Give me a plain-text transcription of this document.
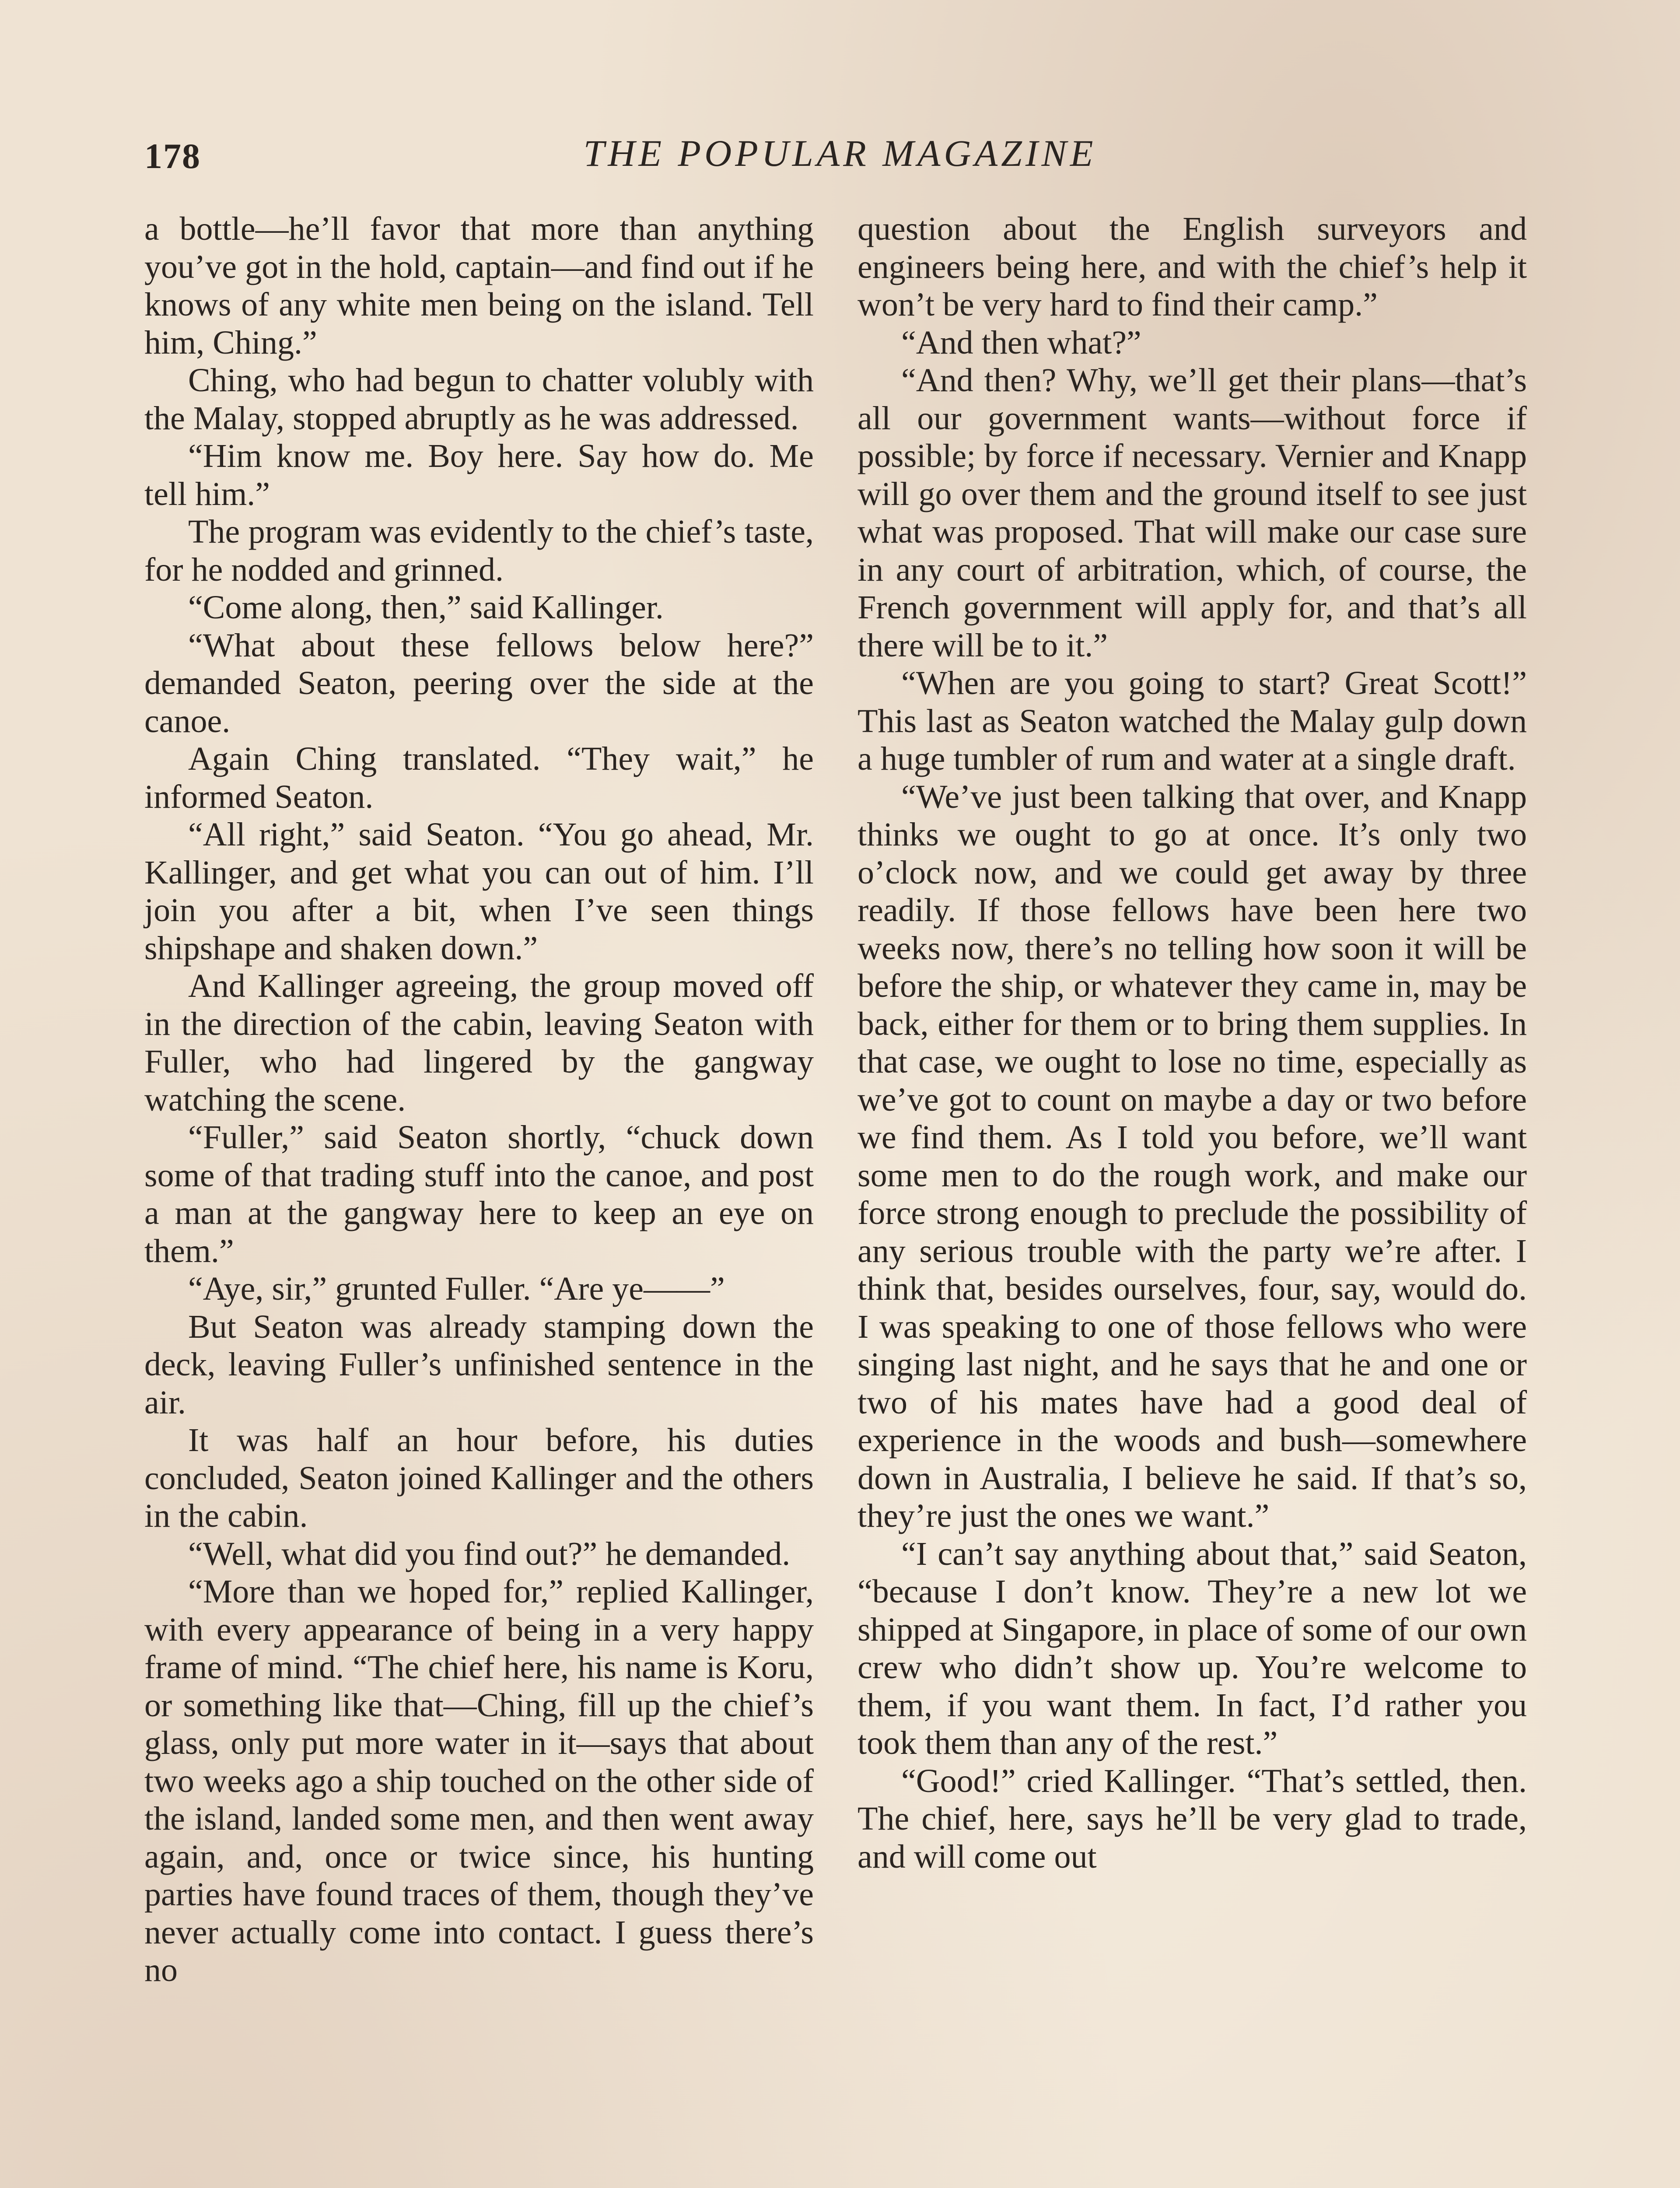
178	THE POPULAR MAGAZINE

a bottle—he’ll favor that more than anything you’ve got in the hold, captain—and find out if he knows of any white men being on the island. Tell him, Ching.”

Ching, who had begun to chatter volubly with the Malay, stopped abruptly as he was addressed.

“Him know me. Boy here. Say how do. Me tell him.”

The program was evidently to the chief’s taste, for he nodded and grinned.

“Come along, then,” said Kallinger.

“What about these fellows below here?” demanded Seaton, peering over the side at the canoe.

Again Ching translated. “They wait,” he informed Seaton.

“All right,” said Seaton. “You go ahead, Mr. Kallinger, and get what you can out of him. I’ll join you after a bit, when I’ve seen things shipshape and shaken down.”

And Kallinger agreeing, the group moved off in the direction of the cabin, leaving Seaton with Fuller, who had lingered by the gangway watching the scene.

“Fuller,” said Seaton shortly, “chuck down some of that trading stuff into the canoe, and post a man at the gangway here to keep an eye on them.”

“Aye, sir,” grunted Fuller. “Are ye——”

But Seaton was already stamping down the deck, leaving Fuller’s unfinished sentence in the air.

It was half an hour before, his duties concluded, Seaton joined Kallinger and the others in the cabin.

“Well, what did you find out?” he demanded.

“More than we hoped for,” replied Kallinger, with every appearance of being in a very happy frame of mind. “The chief here, his name is Koru, or something like that—Ching, fill up the chief’s glass, only put more water in it—says that about two weeks ago a ship touched on the other side of the island, landed some men, and then went away again, and, once or twice since, his hunting parties have found traces of them, though they’ve never actually come into contact. I guess there’s no

question about the English surveyors and engineers being here, and with the chief’s help it won’t be very hard to find their camp.”

“And then what?”

“And then? Why, we’ll get their plans—that’s all our government wants—without force if possible; by force if necessary. Vernier and Knapp will go over them and the ground itself to see just what was proposed. That will make our case sure in any court of arbitration, which, of course, the French government will apply for, and that’s all there will be to it.”

“When are you going to start? Great Scott!” This last as Seaton watched the Malay gulp down a huge tumbler of rum and water at a single draft.

“We’ve just been talking that over, and Knapp thinks we ought to go at once. It’s only two o’clock now, and we could get away by three readily. If those fellows have been here two weeks now, there’s no telling how soon it will be before the ship, or whatever they came in, may be back, either for them or to bring them supplies. In that case, we ought to lose no time, especially as we’ve got to count on maybe a day or two before we find them. As I told you before, we’ll want some men to do the rough work, and make our force strong enough to preclude the possibility of any serious trouble with the party we’re after. I think that, besides ourselves, four, say, would do. I was speaking to one of those fellows who were singing last night, and he says that he and one or two of his mates have had a good deal of experience in the woods and bush—somewhere down in Australia, I believe he said. If that’s so, they’re just the ones we want.”

“I can’t say anything about that,” said Seaton, “because I don’t know. They’re a new lot we shipped at Singapore, in place of some of our own crew who didn’t show up. You’re welcome to them, if you want them. In fact, I’d rather you took them than any of the rest.”

“Good!” cried Kallinger. “That’s settled, then. The chief, here, says he’ll be very glad to trade, and will come out
